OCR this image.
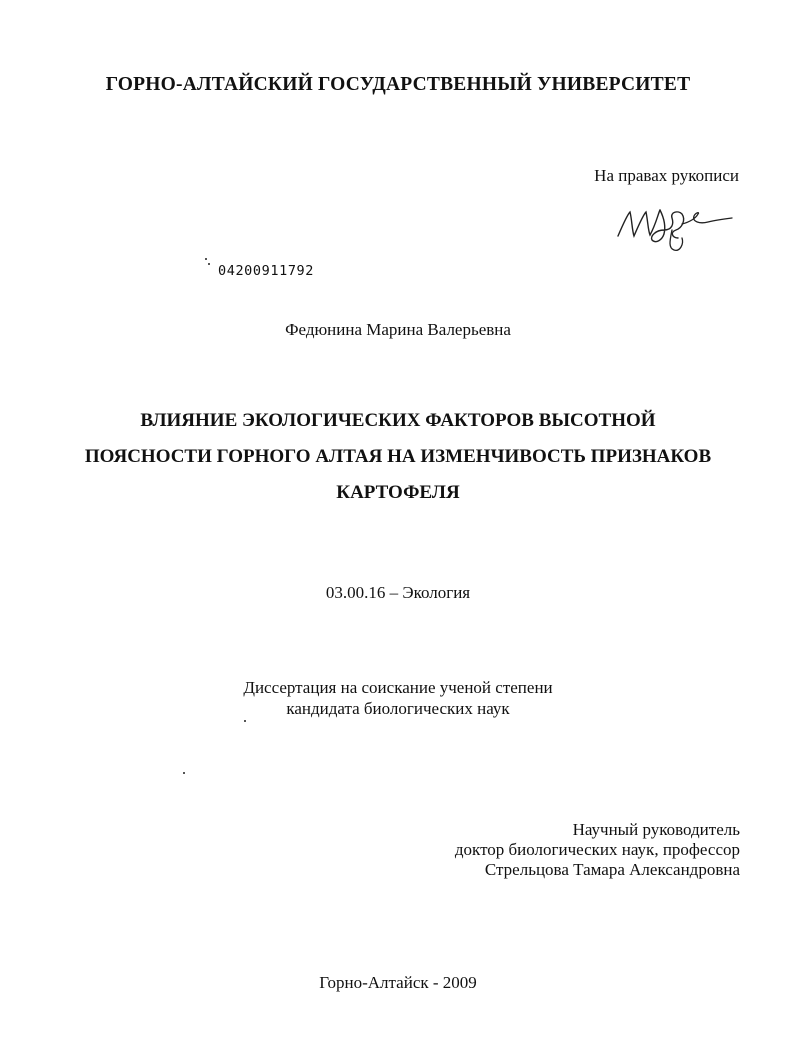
ГОРНО-АЛТАЙСКИЙ ГОСУДАРСТВЕННЫЙ УНИВЕРСИТЕТ
На правах рукописи
04200911792
Федюнина Марина Валерьевна
ВЛИЯНИЕ ЭКОЛОГИЧЕСКИХ ФАКТОРОВ ВЫСОТНОЙ
ПОЯСНОСТИ ГОРНОГО АЛТАЯ НА ИЗМЕНЧИВОСТЬ ПРИЗНАКОВ
КАРТОФЕЛЯ
03.00.16 – Экология
Диссертация на соискание ученой степени
кандидата биологических наук
Научный руководитель
доктор биологических наук, профессор
Стрельцова Тамара Александровна
Горно-Алтайск - 2009
